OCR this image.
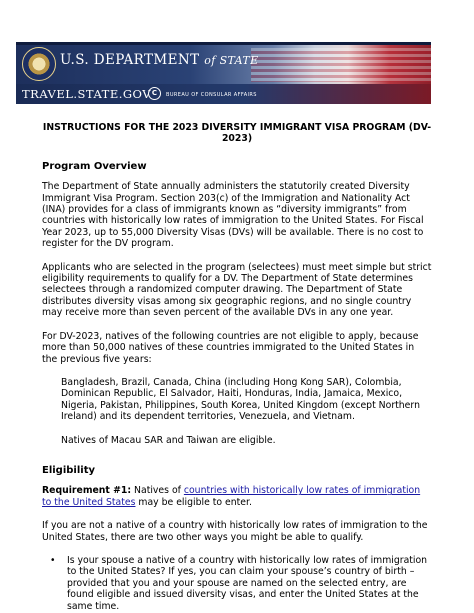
U.S. DEPARTMENT of STATE
TRAVEL.STATE.GOV C	BUREAU OF CONSULAR AFFAIRS
INSTRUCTIONS FOR THE 2023 DIVERSITY IMMIGRANT VISA PROGRAM (DV-
2023)
Program Overview

The Department of State annually administers the statutorily created Diversity Immigrant Visa Program. Section 203(c) of the Immigration and Nationality Act (INA) provides for a class of immigrants known as “diversity immigrants” from countries with historically low rates of immigration to the United States. For Fiscal Year 2023, up to 55,000 Diversity Visas (DVs) will be available. There is no cost to register for the DV program.

Applicants who are selected in the program (selectees) must meet simple but strict eligibility requirements to qualify for a DV. The Department of State determines selectees through a randomized computer drawing. The Department of State distributes diversity visas among six geographic regions, and no single country may receive more than seven percent of the available DVs in any one year.

For DV-2023, natives of the following countries are not eligible to apply, because more than 50,000 natives of these countries immigrated to the United States in the previous five years:

Bangladesh, Brazil, Canada, China (including Hong Kong SAR), Colombia, Dominican Republic, El Salvador, Haiti, Honduras, India, Jamaica, Mexico, Nigeria, Pakistan, Philippines, South Korea, United Kingdom (except Northern Ireland) and its dependent territories, Venezuela, and Vietnam.

Natives of Macau SAR and Taiwan are eligible.

Eligibility

Requirement #1: Natives of countries with historically low rates of immigration to the United States may be eligible to enter.

If you are not a native of a country with historically low rates of immigration to the United States, there are two other ways you might be able to qualify.

• Is your spouse a native of a country with historically low rates of immigration to the United States? If yes, you can claim your spouse’s country of birth – provided that you and your spouse are named on the selected entry, are found eligible and issued diversity visas, and enter the United States at the same time.
